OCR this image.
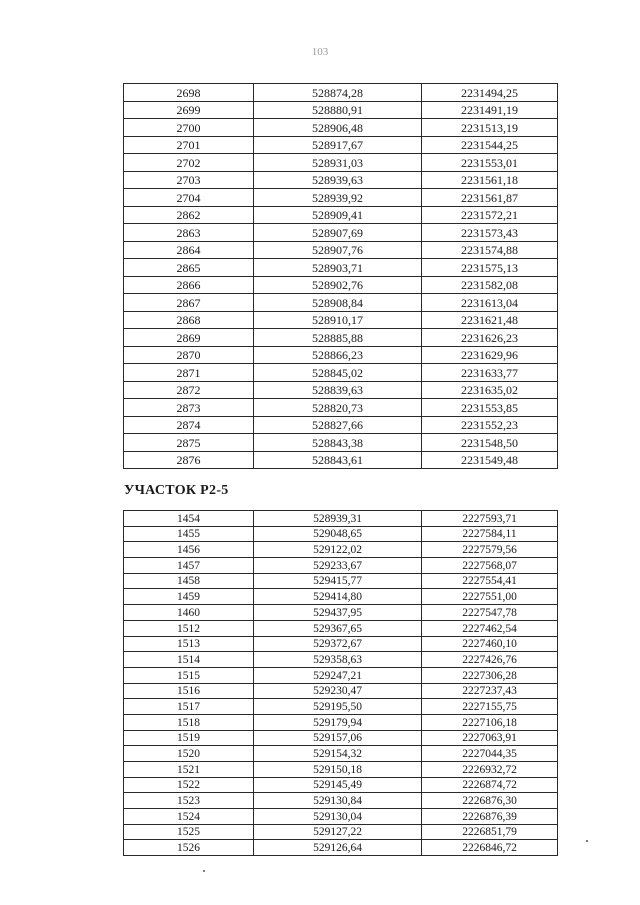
103
2698	528874,28	2231494,25
2699	528880,91	2231491,19
2700	528906,48	2231513,19
2701	528917,67	2231544,25
2702	528931,03	2231553,01
2703	528939,63	2231561,18
2704	528939,92	2231561,87
2862	528909,41	2231572,21
2863	528907,69	2231573,43
2864	528907,76	2231574,88
2865	528903,71	2231575,13
2866	528902,76	2231582,08
2867	528908,84	2231613,04
2868	528910,17	2231621,48
2869	528885,88	2231626,23
2870	528866,23	2231629,96
2871	528845,02	2231633,77
2872	528839,63	2231635,02
2873	528820,73	2231553,85
2874	528827,66	2231552,23
2875	528843,38	2231548,50
2876	528843,61	2231549,48
УЧАСТОК Р2-5
1454	528939,31	2227593,71
1455	529048,65	2227584,11
1456	529122,02	2227579,56
1457	529233,67	2227568,07
1458	529415,77	2227554,41
1459	529414,80	2227551,00
1460	529437,95	2227547,78
1512	529367,65	2227462,54
1513	529372,67	2227460,10
1514	529358,63	2227426,76
1515	529247,21	2227306,28
1516	529230,47	2227237,43
1517	529195,50	2227155,75
1518	529179,94	2227106,18
1519	529157,06	2227063,91
1520	529154,32	2227044,35
1521	529150,18	2226932,72
1522	529145,49	2226874,72
1523	529130,84	2226876,30
1524	529130,04	2226876,39
1525	529127,22	2226851,79
1526	529126,64	2226846,72
